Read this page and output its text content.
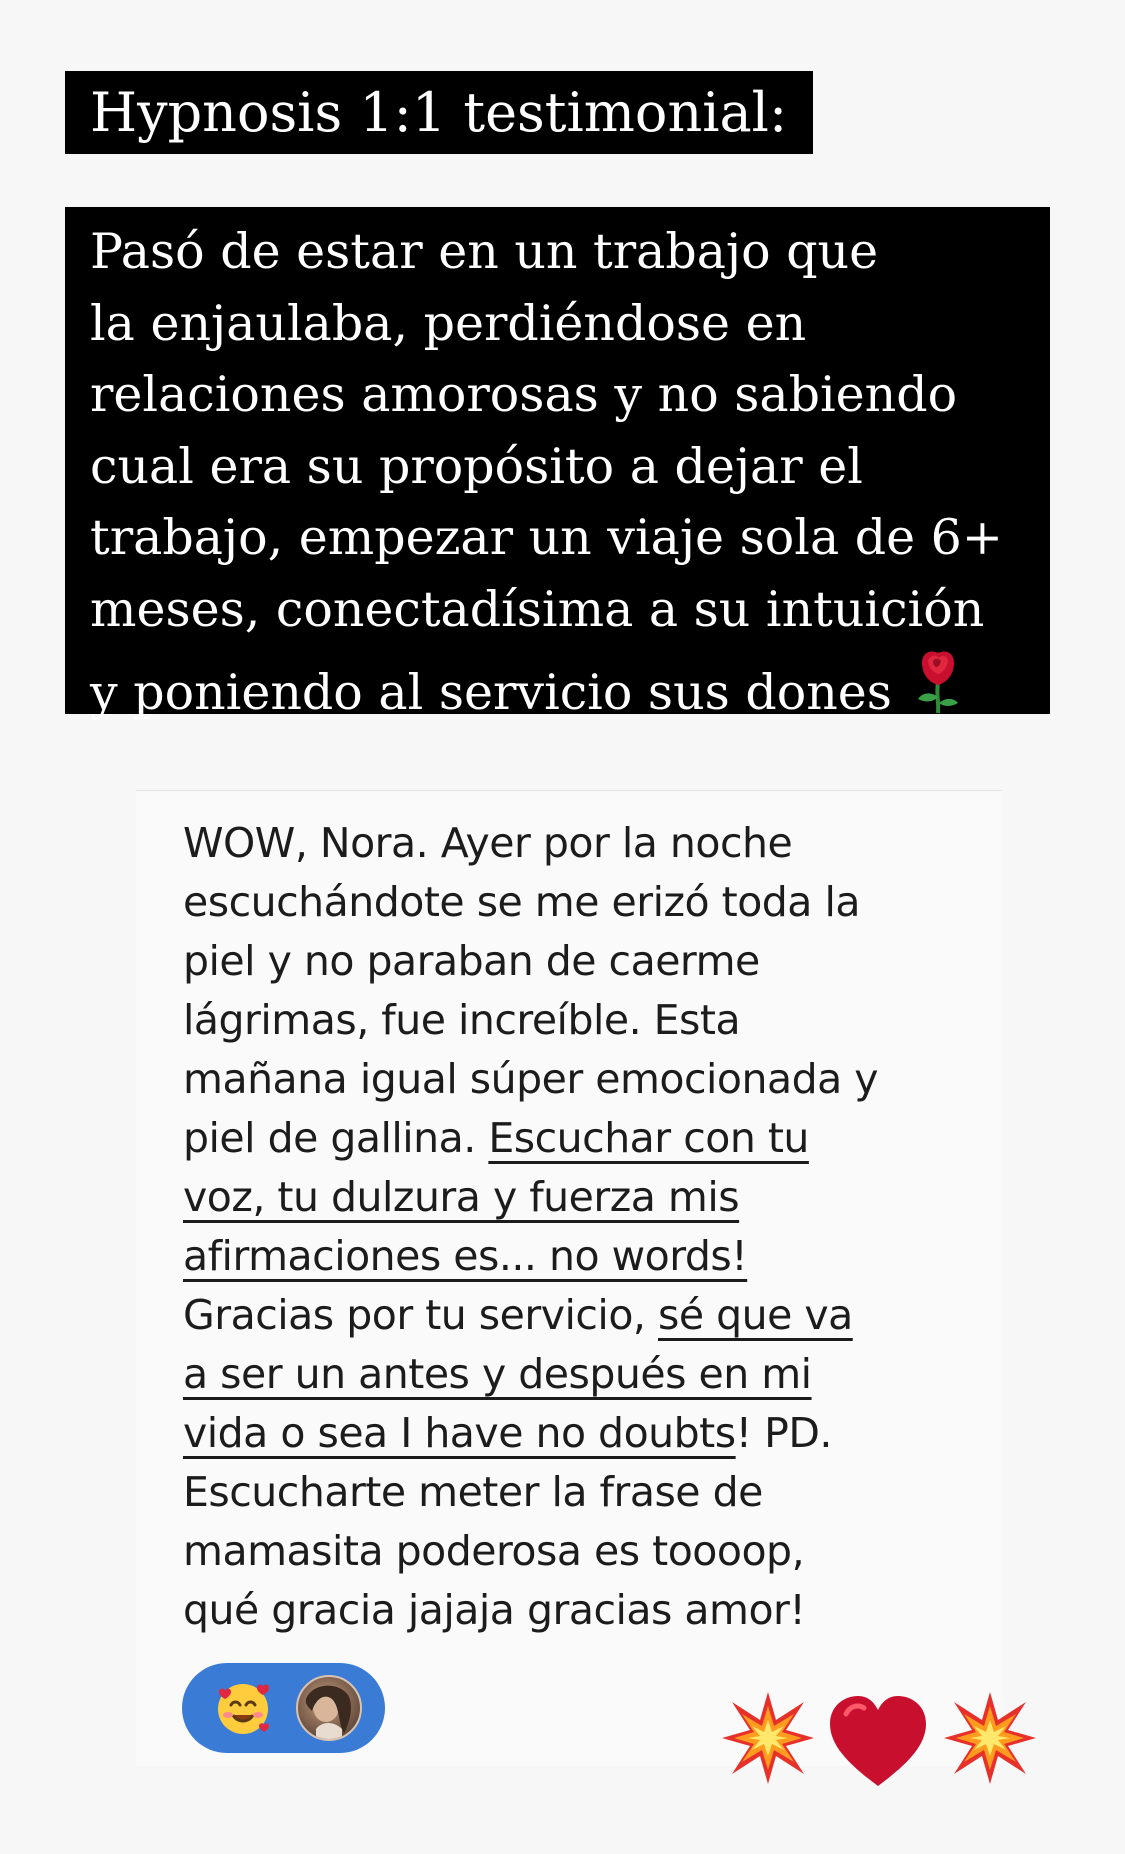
Hypnosis 1:1 testimonial:
Pasó de estar en un trabajo que
la enjaulaba, perdiéndose en
relaciones amorosas y no sabiendo
cual era su propósito a dejar el
trabajo, empezar un viaje sola de 6+
meses, conectadísima a su intuición
y poniendo al servicio sus dones
WOW, Nora. Ayer por la noche
escuchándote se me erizó toda la
piel y no paraban de caerme
lágrimas, fue increíble. Esta
mañana igual súper emocionada y
piel de gallina. Escuchar con tu
voz, tu dulzura y fuerza mis
afirmaciones es... no words!
Gracias por tu servicio, sé que va
a ser un antes y después en mi
vida o sea I have no doubts! PD.
Escucharte meter la frase de
mamasita poderosa es toooop,
qué gracia jajaja gracias amor!
